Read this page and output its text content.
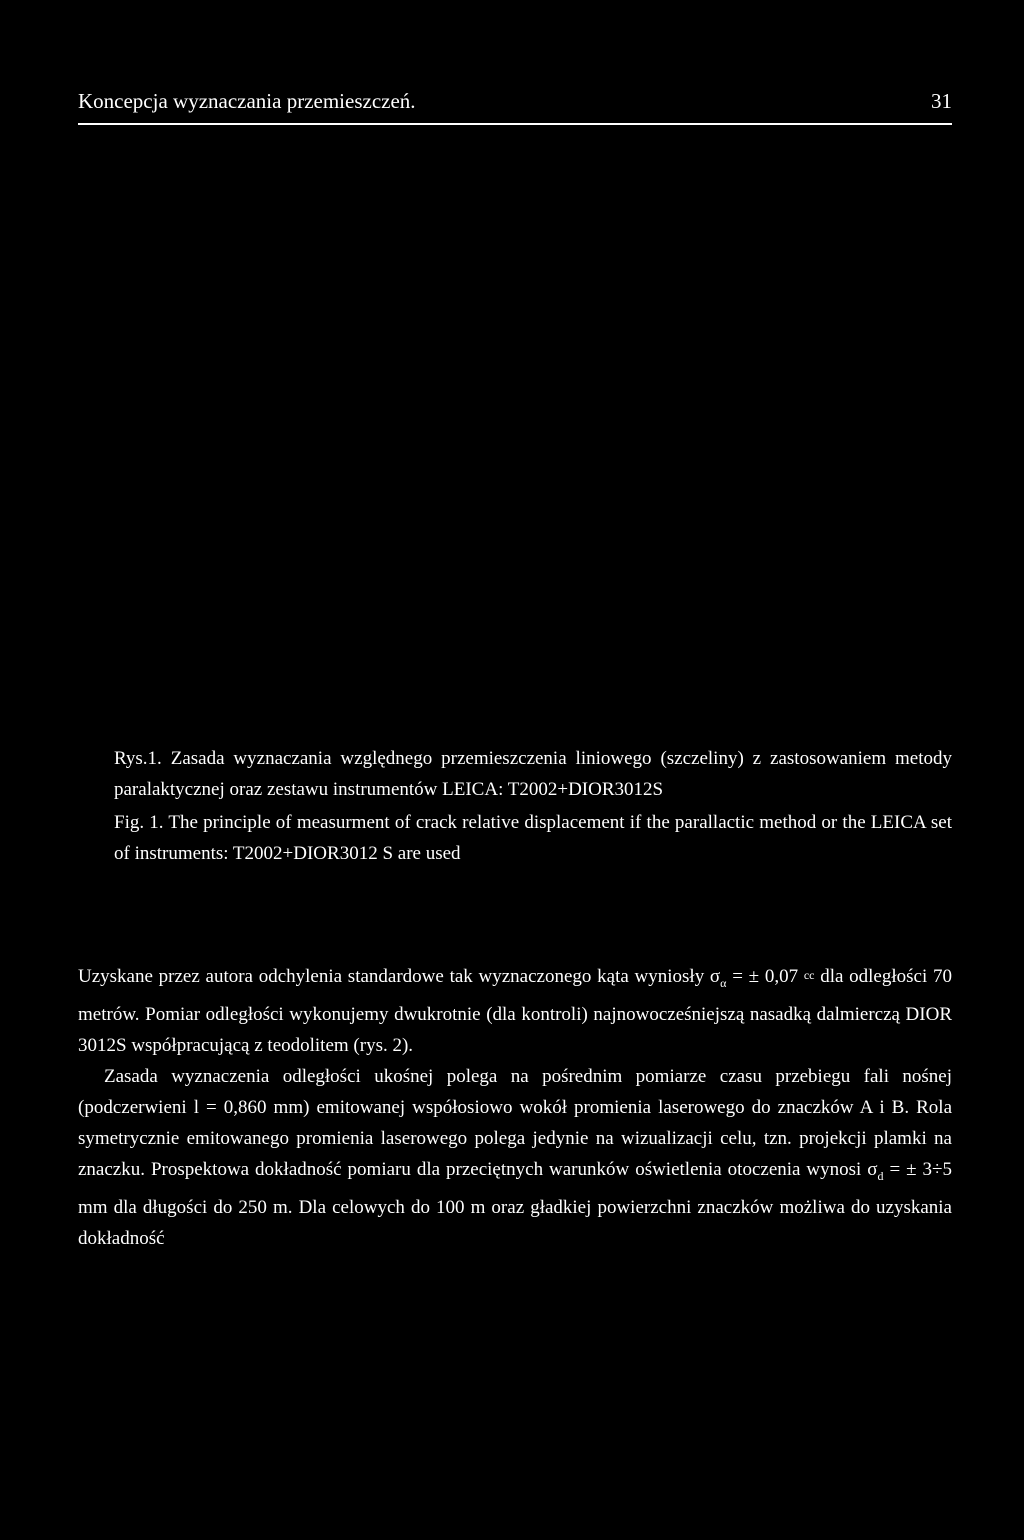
Koncepcja wyznaczania przemieszczeń.	31

Rys.1. Zasada wyznaczania względnego przemieszczenia liniowego (szczeliny) z zastosowaniem metody paralaktycznej oraz zestawu instrumentów LEICA: T2002+DIOR3012S

Fig. 1. The principle of measurment of crack relative displacement if the parallactic method or the LEICA set of instruments: T2002+DIOR3012 S are used

Uzyskane przez autora odchylenia standardowe tak wyznaczonego kąta wyniosły $\sigma_\alpha$ = ± 0,07 $^{cc}$ dla odległości 70 metrów. Pomiar odległości wykonujemy dwukrotnie (dla kontroli) najnowocześniejszą nasadką dalmierczą DIOR 3012S współpracującą z teodolitem (rys. 2).

Zasada wyznaczenia odległości ukośnej polega na pośrednim pomiarze czasu przebiegu fali nośnej (podczerwieni l = 0,860 mm) emitowanej współosiowo wokół promienia laserowego do znaczków A i B. Rola symetrycznie emitowanego promienia laserowego polega jedynie na wizualizacji celu, tzn. projekcji plamki na znaczku. Prospektowa dokładność pomiaru dla przeciętnych warunków oświetlenia otoczenia wynosi $\sigma_d$ = ± 3÷5 mm dla długości do 250 m. Dla celowych do 100 m oraz gładkiej powierzchni znaczków możliwa do uzyskania dokładność
